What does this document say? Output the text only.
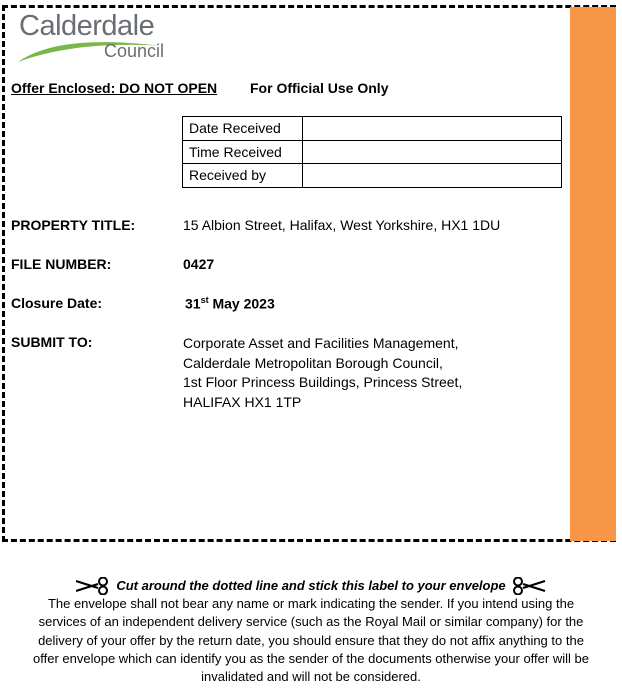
Calderdale
Council
Offer Enclosed: DO NOT OPEN For Official Use Only
Date Received	
Time Received	
Received by	
PROPERTY TITLE:	15 Albion Street, Halifax, West Yorkshire, HX1 1DU
FILE NUMBER:	0427
Closure Date:	31st May 2023
SUBMIT TO:	Corporate Asset and Facilities Management,
Calderdale Metropolitan Borough Council,
1st Floor Princess Buildings, Princess Street,
HALIFAX HX1 1TP
Cut around the dotted line and stick this label to your envelope
The envelope shall not bear any name or mark indicating the sender. If you intend using the
services of an independent delivery service (such as the Royal Mail or similar company) for the
delivery of your offer by the return date, you should ensure that they do not affix anything to the
offer envelope which can identify you as the sender of the documents otherwise your offer will be
invalidated and will not be considered.
